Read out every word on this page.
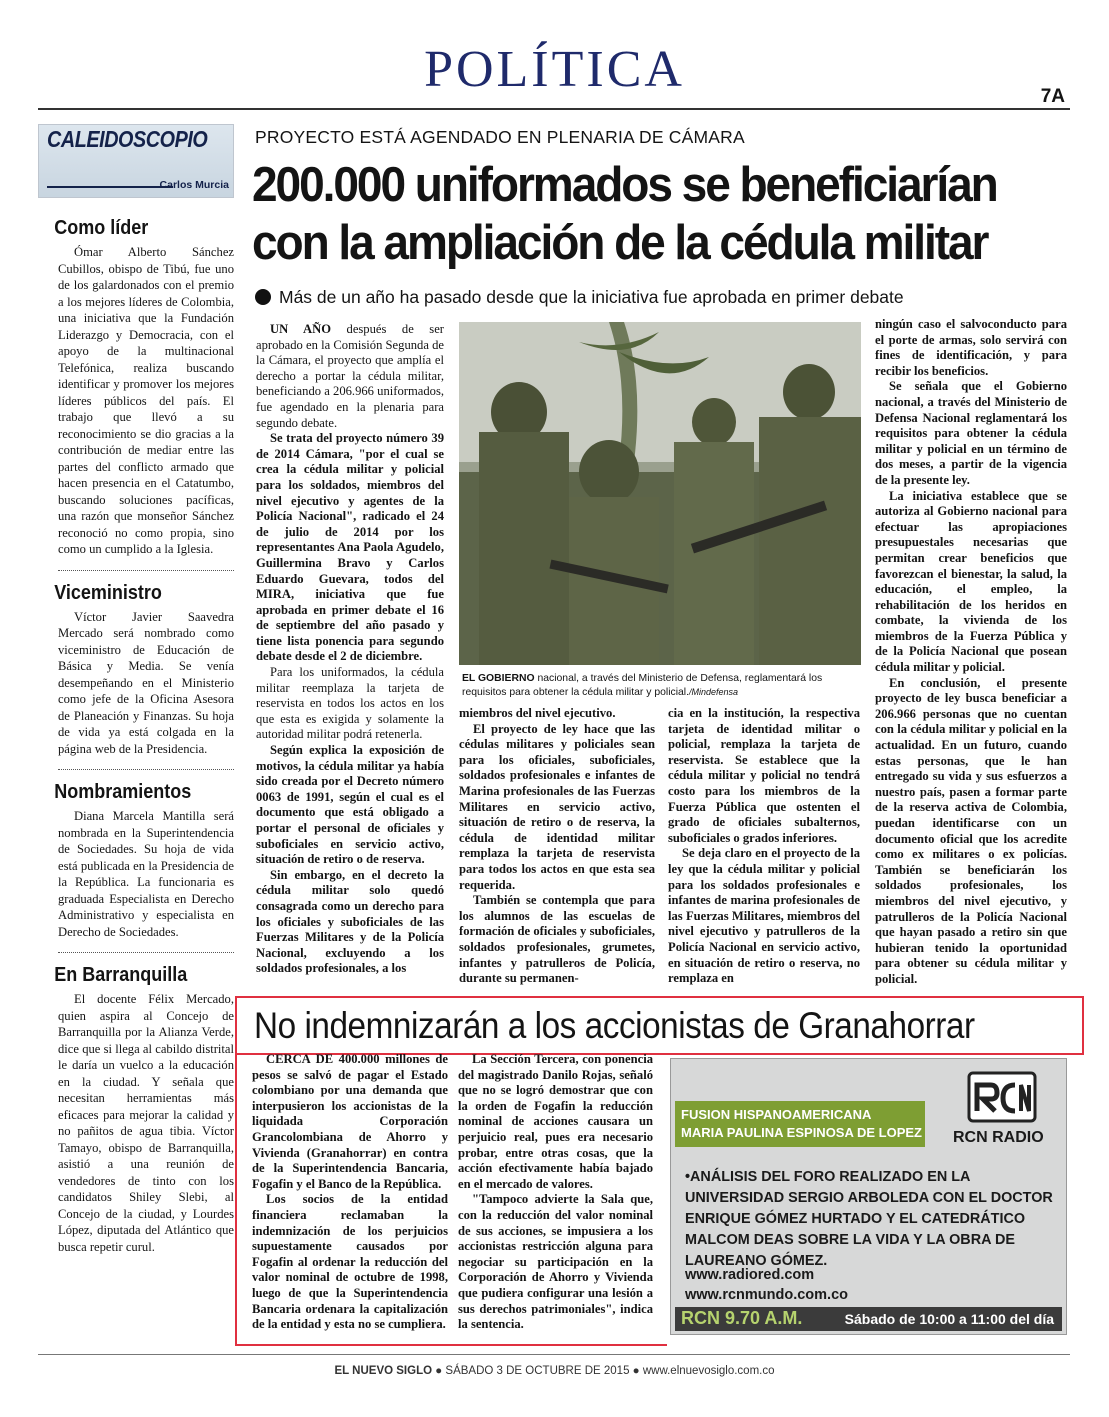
POLÍTICA	7A
CALEIDOSCOPIO
Carlos Murcia
Como líder

Ómar Alberto Sánchez Cubillos, obispo de Tibú, fue uno de los galardonados con el premio a los mejores líderes de Colombia, una iniciativa que la Fundación Liderazgo y Democracia, con el apoyo de la multinacional Telefónica, realiza buscando identificar y promover los mejores líderes públicos del país. El trabajo que llevó a su reconocimiento se dio gracias a la contribución de mediar entre las partes del conflicto armado que hacen presencia en el Catatumbo, buscando soluciones pacíficas, una razón que monseñor Sánchez reconoció no como propia, sino como un cumplido a la Iglesia.

Viceministro

Víctor Javier Saavedra Mercado será nombrado como viceministro de Educación de Básica y Media. Se venía desempeñando en el Ministerio como jefe de la Oficina Asesora de Planeación y Finanzas. Su hoja de vida ya está colgada en la página web de la Presidencia.

Nombramientos

Diana Marcela Mantilla será nombrada en la Superintendencia de Sociedades. Su hoja de vida está publicada en la Presidencia de la República. La funcionaria es graduada Especialista en Derecho Administrativo y especialista en Derecho de Sociedades.

En Barranquilla

El docente Félix Mercado, quien aspira al Concejo de Barranquilla por la Alianza Verde, dice que si llega al cabildo distrital le daría un vuelco a la educación en la ciudad. Y señala que necesitan herramientas más eficaces para mejorar la calidad y no pañitos de agua tibia. Víctor Tamayo, obispo de Barranquilla, asistió a una reunión de vendedores de tinto con los candidatos Shiley Slebi, al Concejo de la ciudad, y Lourdes López, diputada del Atlántico que busca repetir curul.

PROYECTO ESTÁ AGENDADO EN PLENARIA DE CÁMARA
200.000 uniformados se beneficiarían
con la ampliación de la cédula militar
Más de un año ha pasado desde que la iniciativa fue aprobada en primer debate

UN AÑO después de ser aprobado en la Comisión Segunda de la Cámara, el proyecto que amplía el derecho a portar la cédula militar, beneficiando a 206.966 uniformados, fue agendado en la plenaria para segundo debate.

Se trata del proyecto número 39 de 2014 Cámara, "por el cual se crea la cédula militar y policial para los soldados, miembros del nivel ejecutivo y agentes de la Policía Nacional", radicado el 24 de julio de 2014 por los representantes Ana Paola Agudelo, Guillermina Bravo y Carlos Eduardo Guevara, todos del MIRA, iniciativa que fue aprobada en primer debate el 16 de septiembre del año pasado y tiene lista ponencia para segundo debate desde el 2 de diciembre.

Para los uniformados, la cédula militar reemplaza la tarjeta de reservista en todos los actos en los que esta es exigida y solamente la autoridad militar podrá retenerla.

Según explica la exposición de motivos, la cédula militar ya había sido creada por el Decreto número 0063 de 1991, según el cual es el documento que está obligado a portar el personal de oficiales y suboficiales en servicio activo, situación de retiro o de reserva.

Sin embargo, en el decreto la cédula militar solo quedó consagrada como un derecho para los oficiales y suboficiales de las Fuerzas Militares y de la Policía Nacional, excluyendo a los soldados profesionales, a los

EL GOBIERNO nacional, a través del Ministerio de Defensa, reglamentará los requisitos para obtener la cédula militar y policial./Mindefensa

miembros del nivel ejecutivo.

El proyecto de ley hace que las cédulas militares y policiales sean para los oficiales, suboficiales, soldados profesionales e infantes de Marina profesionales de las Fuerzas Militares en servicio activo, situación de retiro o de reserva, la cédula de identidad militar remplaza la tarjeta de reservista para todos los actos en que esta sea requerida.

También se contempla que para los alumnos de las escuelas de formación de oficiales y suboficiales, soldados profesionales, grumetes, infantes y patrulleros de Policía, durante su permanen-

cia en la institución, la respectiva tarjeta de identidad militar o policial, remplaza la tarjeta de reservista. Se establece que la cédula militar y policial no tendrá costo para los miembros de la Fuerza Pública que ostenten el grado de oficiales subalternos, suboficiales o grados inferiores.

Se deja claro en el proyecto de la ley que la cédula militar y policial para los soldados profesionales e infantes de marina profesionales de las Fuerzas Militares, miembros del nivel ejecutivo y patrulleros de la Policía Nacional en servicio activo, en situación de retiro o reserva, no remplaza en

ningún caso el salvoconducto para el porte de armas, solo servirá con fines de identificación, y para recibir los beneficios.

Se señala que el Gobierno nacional, a través del Ministerio de Defensa Nacional reglamentará los requisitos para obtener la cédula militar y policial en un término de dos meses, a partir de la vigencia de la presente ley.

La iniciativa establece que se autoriza al Gobierno nacional para efectuar las apropiaciones presupuestales necesarias que permitan crear beneficios que favorezcan el bienestar, la salud, la educación, el empleo, la rehabilitación de los heridos en combate, la vivienda de los miembros de la Fuerza Pública y de la Policía Nacional que posean cédula militar y policial.

En conclusión, el presente proyecto de ley busca beneficiar a 206.966 personas que no cuentan con la cédula militar y policial en la actualidad. En un futuro, cuando estas personas, que le han entregado su vida y sus esfuerzos a nuestro país, pasen a formar parte de la reserva activa de Colombia, puedan identificarse con un documento oficial que los acredite como ex militares o ex policías. También se beneficiarán los soldados profesionales, los miembros del nivel ejecutivo, y patrulleros de la Policía Nacional que hayan pasado a retiro sin que hubieran tenido la oportunidad para obtener su cédula militar y policial.

No indemnizarán a los accionistas de Granahorrar

CERCA DE 400.000 millones de pesos se salvó de pagar el Estado colombiano por una demanda que interpusieron los accionistas de la liquidada Corporación Grancolombiana de Ahorro y Vivienda (Granahorrar) en contra de la Superintendencia Bancaria, Fogafin y el Banco de la República.

Los socios de la entidad financiera reclamaban la indemnización de los perjuicios supuestamente causados por Fogafin al ordenar la reducción del valor nominal de octubre de 1998, luego de que la Superintendencia Bancaria ordenara la capitalización de la entidad y esta no se cumpliera.

La Sección Tercera, con ponencia del magistrado Danilo Rojas, señaló que no se logró demostrar que con la orden de Fogafin la reducción nominal de acciones causara un perjuicio real, pues era necesario probar, entre otras cosas, que la acción efectivamente había bajado en el mercado de valores.

"Tampoco advierte la Sala que, con la reducción del valor nominal de sus acciones, se impusiera a los accionistas restricción alguna para negociar su participación en la Corporación de Ahorro y Vivienda que pudiera configurar una lesión a sus derechos patrimoniales", indica la sentencia.

FUSION HISPANOAMERICANA
MARIA PAULINA ESPINOSA DE LOPEZ RCN RADIO
•ANÁLISIS DEL FORO REALIZADO EN LA UNIVERSIDAD SERGIO ARBOLEDA CON EL DOCTOR ENRIQUE GÓMEZ HURTADO Y EL CATEDRÁTICO MALCOM DEAS SOBRE LA VIDA Y LA OBRA DE LAUREANO GÓMEZ.
www.radiored.com
www.rcnmundo.com.co
RCN 9.70 A.M.	Sábado de 10:00 a 11:00 del día
EL NUEVO SIGLO ● SÁBADO 3 DE OCTUBRE DE 2015 ● www.elnuevosiglo.com.co
